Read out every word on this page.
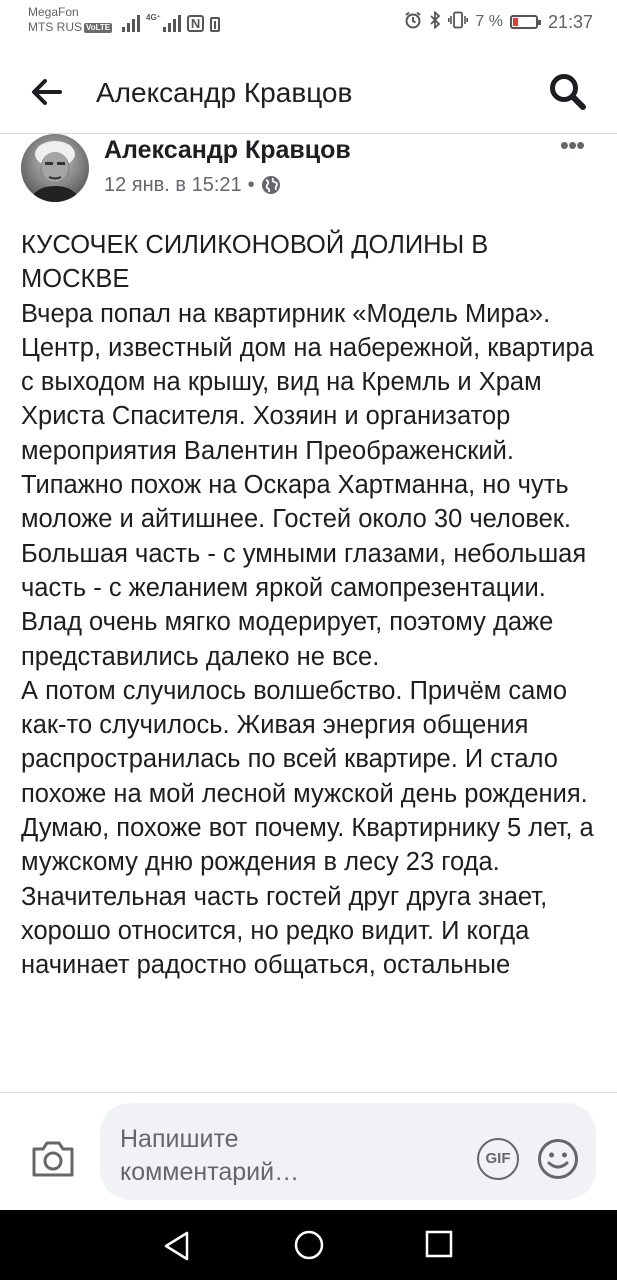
MegaFon
MTS RUS VoLTE
4G⁺	N	7 %	21:37
Александр Кравцов
Александр Кравцов
12 янв. в 15:21 •
•••

КУСОЧЕК СИЛИКОНОВОЙ ДОЛИНЫ В МОСКВЕ

Вчера попал на квартирник «Модель Мира». Центр, известный дом на набережной, квартира с выходом на крышу, вид на Кремль и Храм Христа Спасителя. Хозяин и организатор мероприятия Валентин Преображенский. Типажно похож на Оскара Хартманна, но чуть моложе и айтишнее. Гостей около 30 человек. Большая часть - с умными глазами, небольшая часть - с желанием яркой самопрезентации. Влад очень мягко модерирует, поэтому даже представились далеко не все.

А потом случилось волшебство. Причём само как-то случилось. Живая энергия общения распространилась по всей квартире. И стало похоже на мой лесной мужской день рождения. Думаю, похоже вот почему. Квартирнику 5 лет, а мужскому дню рождения в лесу 23 года. Значительная часть гостей друг друга знает, хорошо относится, но редко видит. И когда начинает радостно общаться, остальные

Напишите комментарий…	GIF
